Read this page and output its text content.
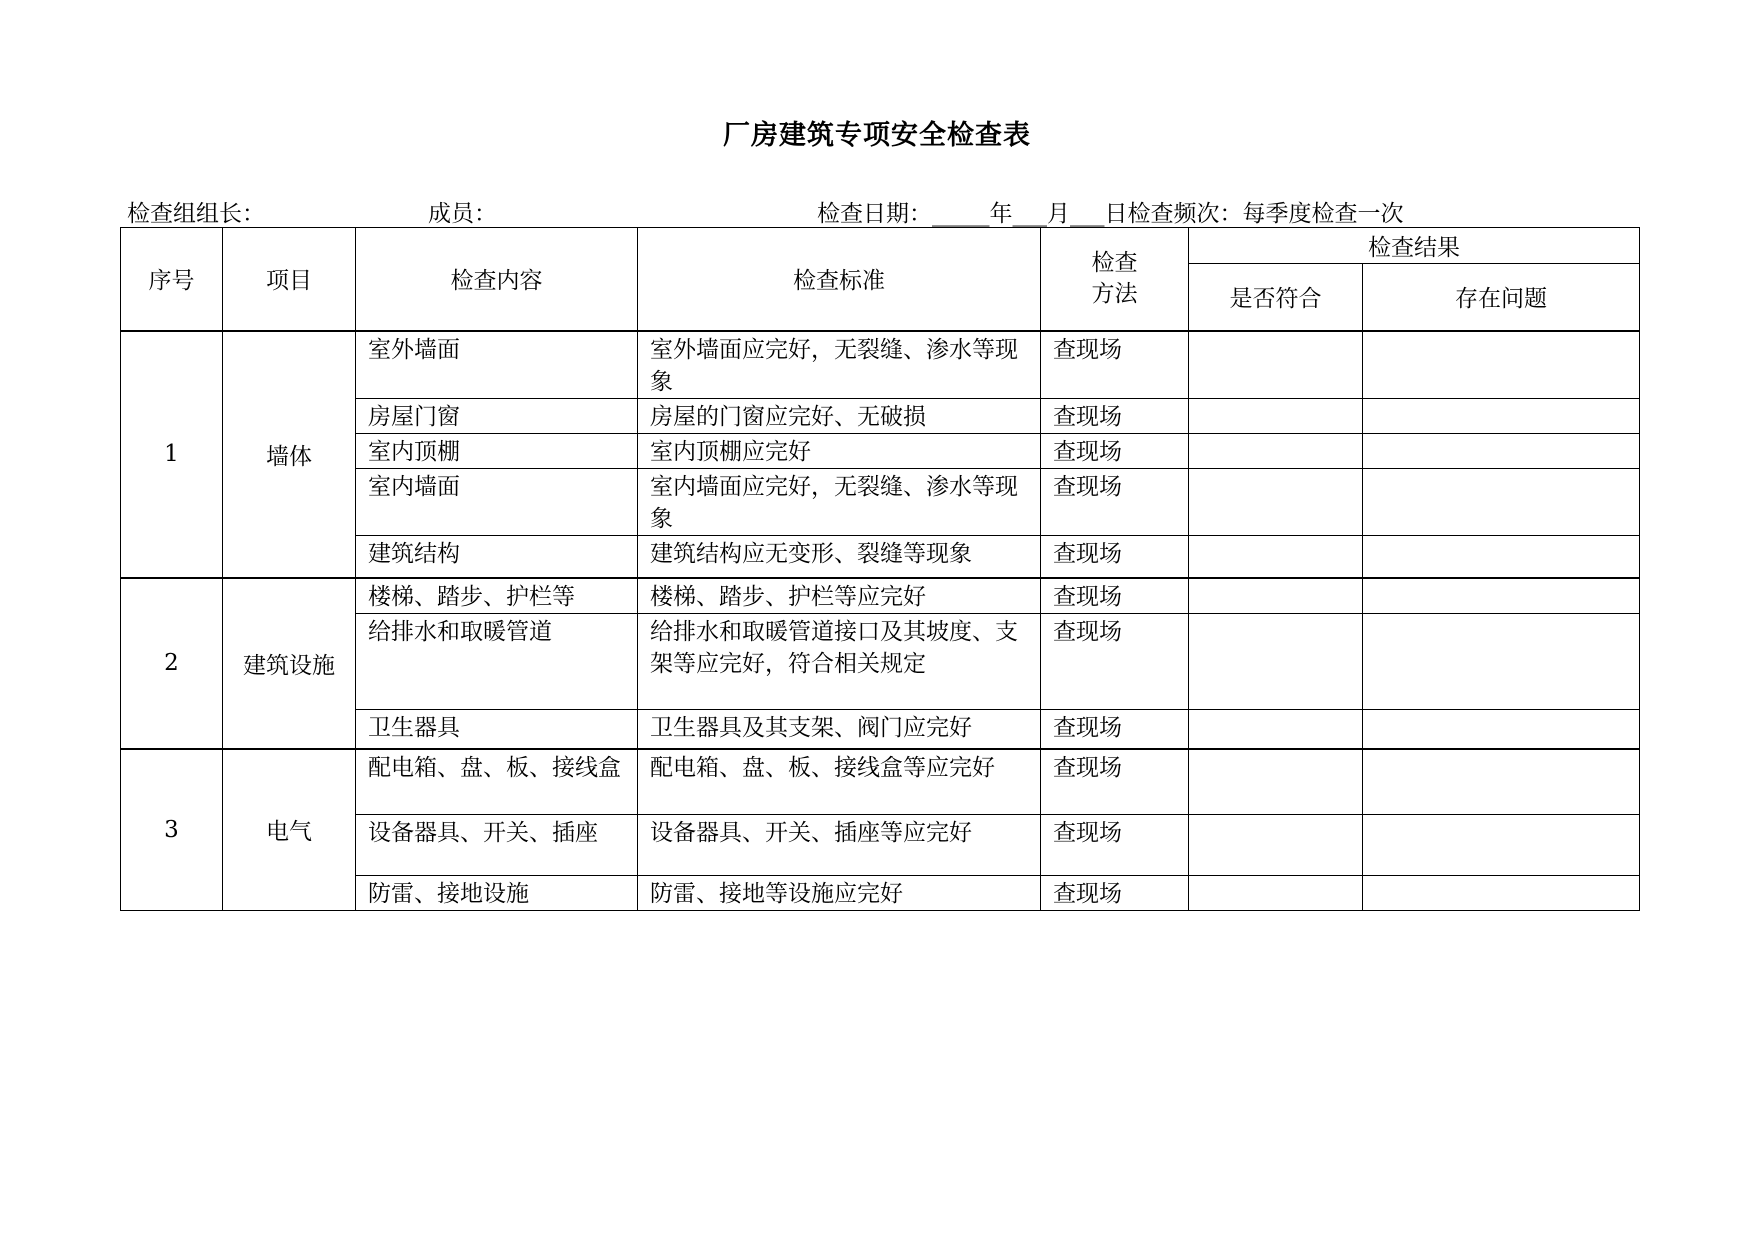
厂房建筑专项安全检查表
检查组组长：	成员：	检查日期：_____年___月___日检查频次：每季度检查一次
序号	项目	检查内容	检查标准	检查方法	检查结果	
					是否符合	存在问题
1	墙体	室外墙面	室外墙面应完好，无裂缝、渗水等现象	查现场		
		房屋门窗	房屋的门窗应完好、无破损	查现场		
		室内顶棚	室内顶棚应完好	查现场		
		室内墙面	室内墙面应完好，无裂缝、渗水等现象	查现场		
		建筑结构	建筑结构应无变形、裂缝等现象	查现场		
2	建筑设施	楼梯、踏步、护栏等	楼梯、踏步、护栏等应完好	查现场		
		给排水和取暖管道	给排水和取暖管道接口及其坡度、支架等应完好，符合相关规定	查现场		
		卫生器具	卫生器具及其支架、阀门应完好	查现场		
3	电气	配电箱、盘、板、接线盒	配电箱、盘、板、接线盒等应完好	查现场		
		设备器具、开关、插座	设备器具、开关、插座等应完好	查现场		
		防雷、接地设施	防雷、接地等设施应完好	查现场		
